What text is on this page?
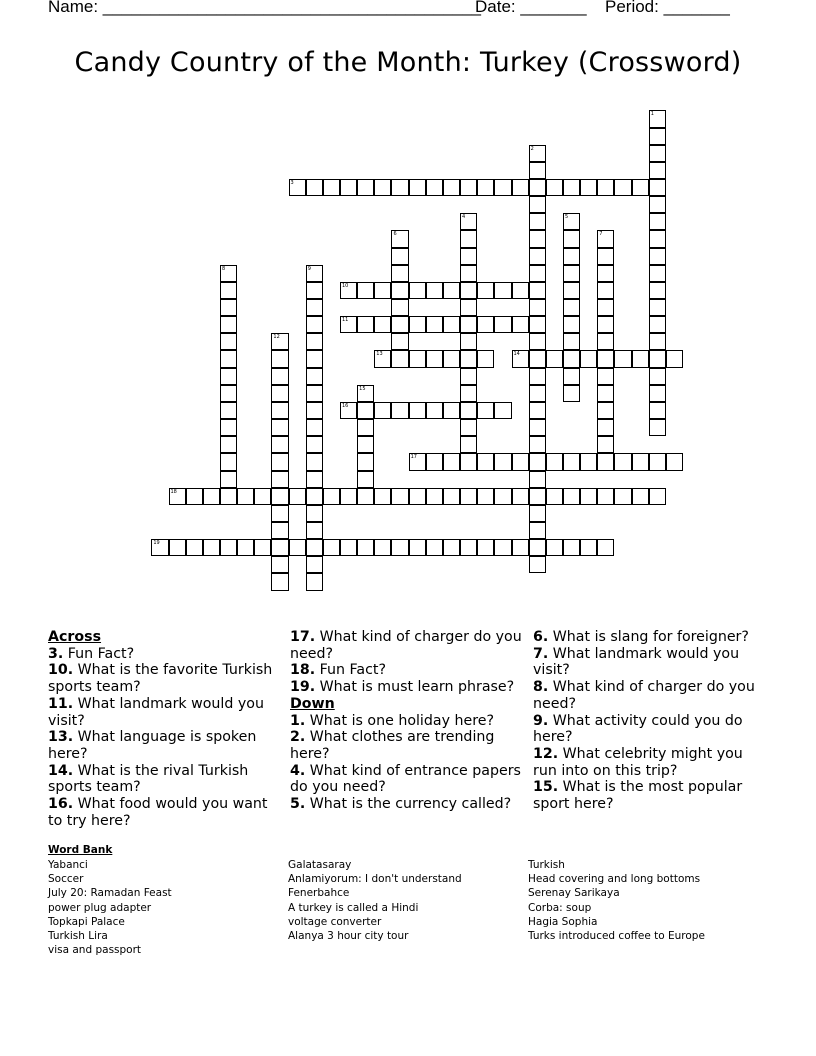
Name: ________________________________________
Date: _______ Period: _______
Candy Country of the Month: Turkey (Crossword)
1
2
3
4	5
6	7
8	9
10
11
12
13	14
15
16
17
18
19
Across
3. Fun Fact?
10. What is the favorite Turkish sports team?
11. What landmark would you visit?
13. What language is spoken here?
14. What is the rival Turkish sports team?
16. What food would you want to try here?
17. What kind of charger do you need?
18. Fun Fact?
19. What is must learn phrase?
Down
1. What is one holiday here?
2. What clothes are trending here?
4. What kind of entrance papers do you need?
5. What is the currency called?
6. What is slang for foreigner?
7. What landmark would you visit?
8. What kind of charger do you need?
9. What activity could you do here?
12. What celebrity might you run into on this trip?
15. What is the most popular sport here?
Word Bank
Yabanci
Soccer
July 20: Ramadan Feast
power plug adapter
Topkapi Palace
Turkish Lira
visa and passport
Galatasaray
Anlamiyorum: I don't understand
Fenerbahce
A turkey is called a Hindi
voltage converter
Alanya 3 hour city tour
Turkish
Head covering and long bottoms
Serenay Sarikaya
Corba: soup
Hagia Sophia
Turks introduced coffee to Europe
